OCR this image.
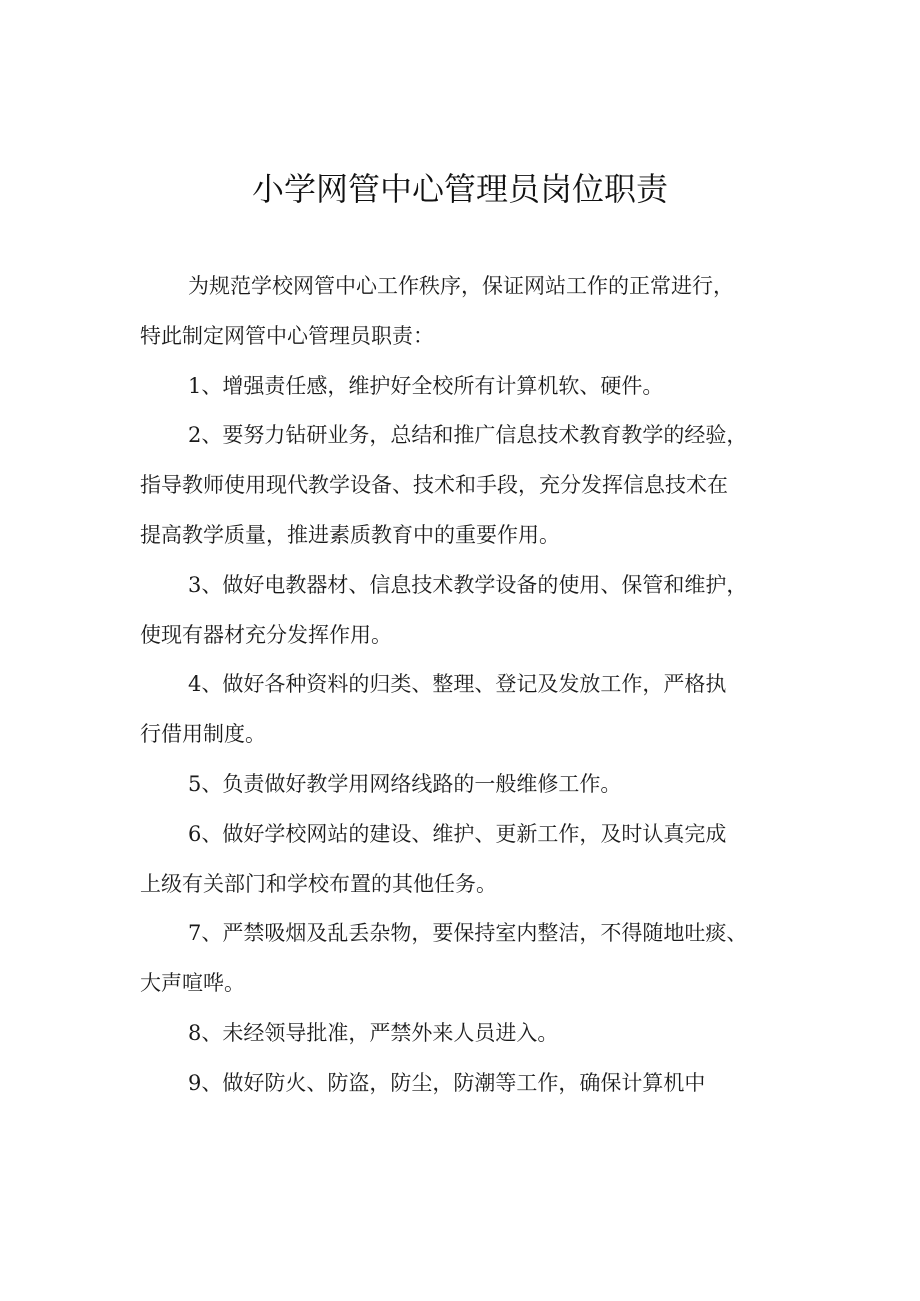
小学网管中心管理员岗位职责
为规范学校网管中心工作秩序，保证网站工作的正常进行，
特此制定网管中心管理员职责：
1、增强责任感，维护好全校所有计算机软、硬件。
2、要努力钻研业务，总结和推广信息技术教育教学的经验，
指导教师使用现代教学设备、技术和手段，充分发挥信息技术在
提高教学质量，推进素质教育中的重要作用。
3、做好电教器材、信息技术教学设备的使用、保管和维护，
使现有器材充分发挥作用。
4、做好各种资料的归类、整理、登记及发放工作，严格执
行借用制度。
5、负责做好教学用网络线路的一般维修工作。
6、做好学校网站的建设、维护、更新工作，及时认真完成
上级有关部门和学校布置的其他任务。
7、严禁吸烟及乱丢杂物，要保持室内整洁，不得随地吐痰、
大声喧哗。
8、未经领导批准，严禁外来人员进入。
9、做好防火、防盗，防尘，防潮等工作，确保计算机中
